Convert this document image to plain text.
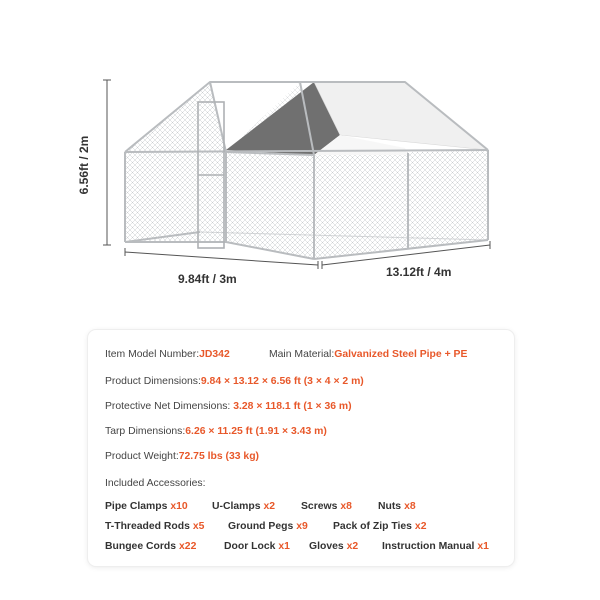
6.56ft / 2m
9.84ft / 3m	13.12ft / 4m
Item Model Number:JD342	Main Material:Galvanized Steel Pipe + PE
Product Dimensions:9.84 × 13.12 × 6.56 ft (3 × 4 × 2 m)
Protective Net Dimensions: 3.28 × 118.1 ft (1 × 36 m)
Tarp Dimensions:6.26 × 11.25 ft (1.91 × 3.43 m)
Product Weight:72.75 lbs (33 kg)
Included Accessories:
Pipe Clamps x10 U-Clamps x2 Screws x8	Nuts x8
T-Threaded Rods x5 Ground Pegs x9 Pack of Zip Ties x2
Bungee Cords x22	Door Lock x1 Gloves x2 Instruction Manual x1
